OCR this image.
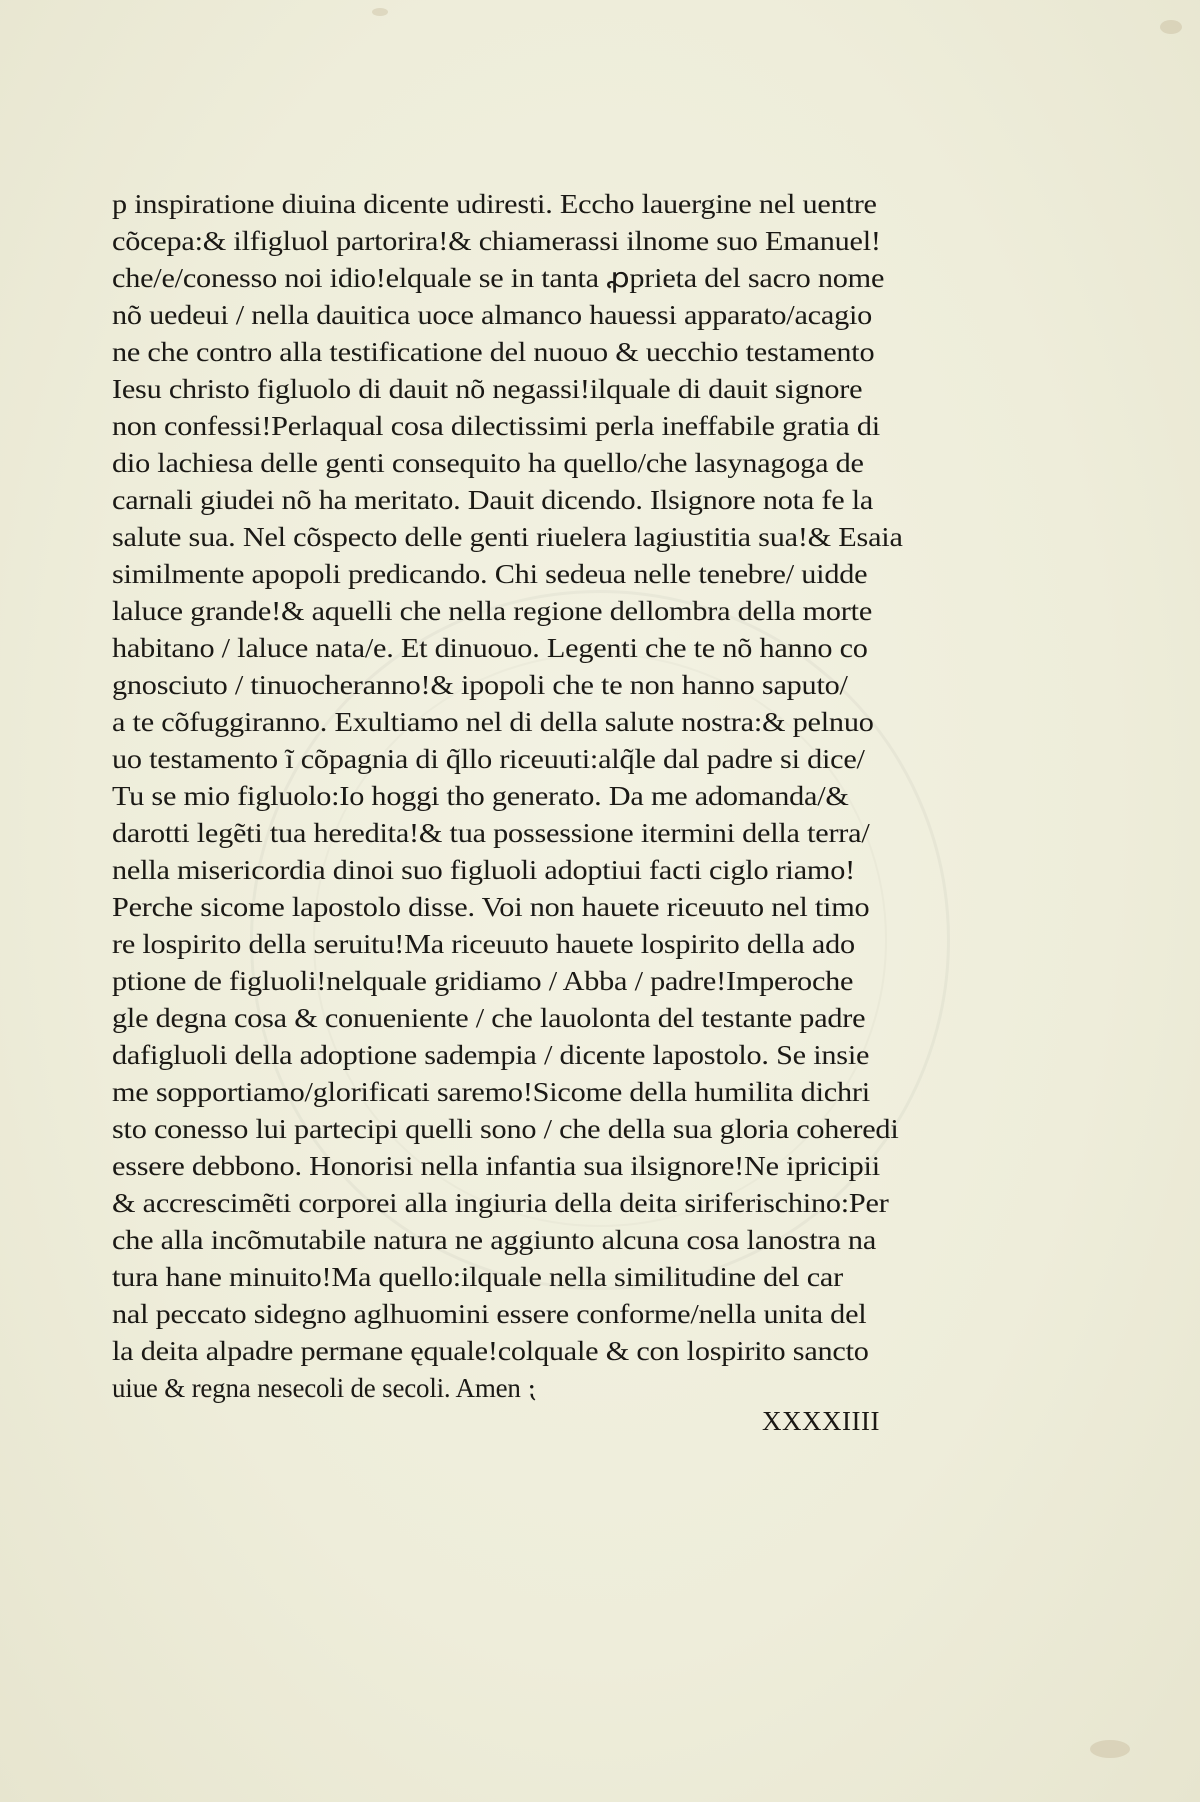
p inspiratione diuina dicente udiresti. Eccho lauergine nel uentre
cõcepa:& ilfigluol partorira!& chiamerassi ilnome suo Emanuel!
che/e/conesso noi idio!elquale se in tanta ꝓprieta del sacro nome
nõ uedeui / nella dauitica uoce almanco hauessi apparato/acagio
ne che contro alla testificatione del nuouo & uecchio testamento
Iesu christo figluolo di dauit nõ negassi!ilquale di dauit signore
non confessi!Perlaqual cosa dilectissimi perla ineffabile gratia di
dio lachiesa delle genti consequito ha quello/che lasynagoga de
carnali giudei nõ ha meritato. Dauit dicendo. Ilsignore nota fe la
salute sua. Nel cõspecto delle genti riuelera lagiustitia sua!& Esaia
similmente apopoli predicando. Chi sedeua nelle tenebre/ uidde
laluce grande!& aquelli che nella regione dellombra della morte
habitano / laluce nata/e. Et dinuouo. Legenti che te nõ hanno co
gnosciuto / tinuocheranno!& ipopoli che te non hanno saputo/
a te cõfuggiranno. Exultiamo nel di della salute nostra:& pelnuo
uo testamento ĩ cõpagnia di q̃llo riceuuti:alq̃le dal padre si dice/
Tu se mio figluolo:Io hoggi tho generato. Da me adomanda/&
darotti legẽti tua heredita!& tua possessione itermini della terra/
nella misericordia dinoi suo figluoli adoptiui facti ciglo riamo!
Perche sicome lapostolo disse. Voi non hauete riceuuto nel timo
re lospirito della seruitu!Ma riceuuto hauete lospirito della ado
ptione de figluoli!nelquale gridiamo / Abba / padre!Imperoche
gle degna cosa & conueniente / che lauolonta del testante padre
dafigluoli della adoptione sadempia / dicente lapostolo. Se insie
me sopportiamo/glorificati saremo!Sicome della humilita dichri
sto conesso lui partecipi quelli sono / che della sua gloria coheredi
essere debbono. Honorisi nella infantia sua ilsignore!Ne ipricipii
& accrescimẽti corporei alla ingiuria della deita siriferischino:Per
che alla incõmutabile natura ne aggiunto alcuna cosa lanostra na
tura hane minuito!Ma quello:ilquale nella similitudine del car
nal peccato sidegno aglhuomini essere conforme/nella unita del
la deita alpadre permane ęquale!colquale & con lospirito sancto
uiue & regna nesecoli de secoli. Amen ⁏
XXXXIIII
